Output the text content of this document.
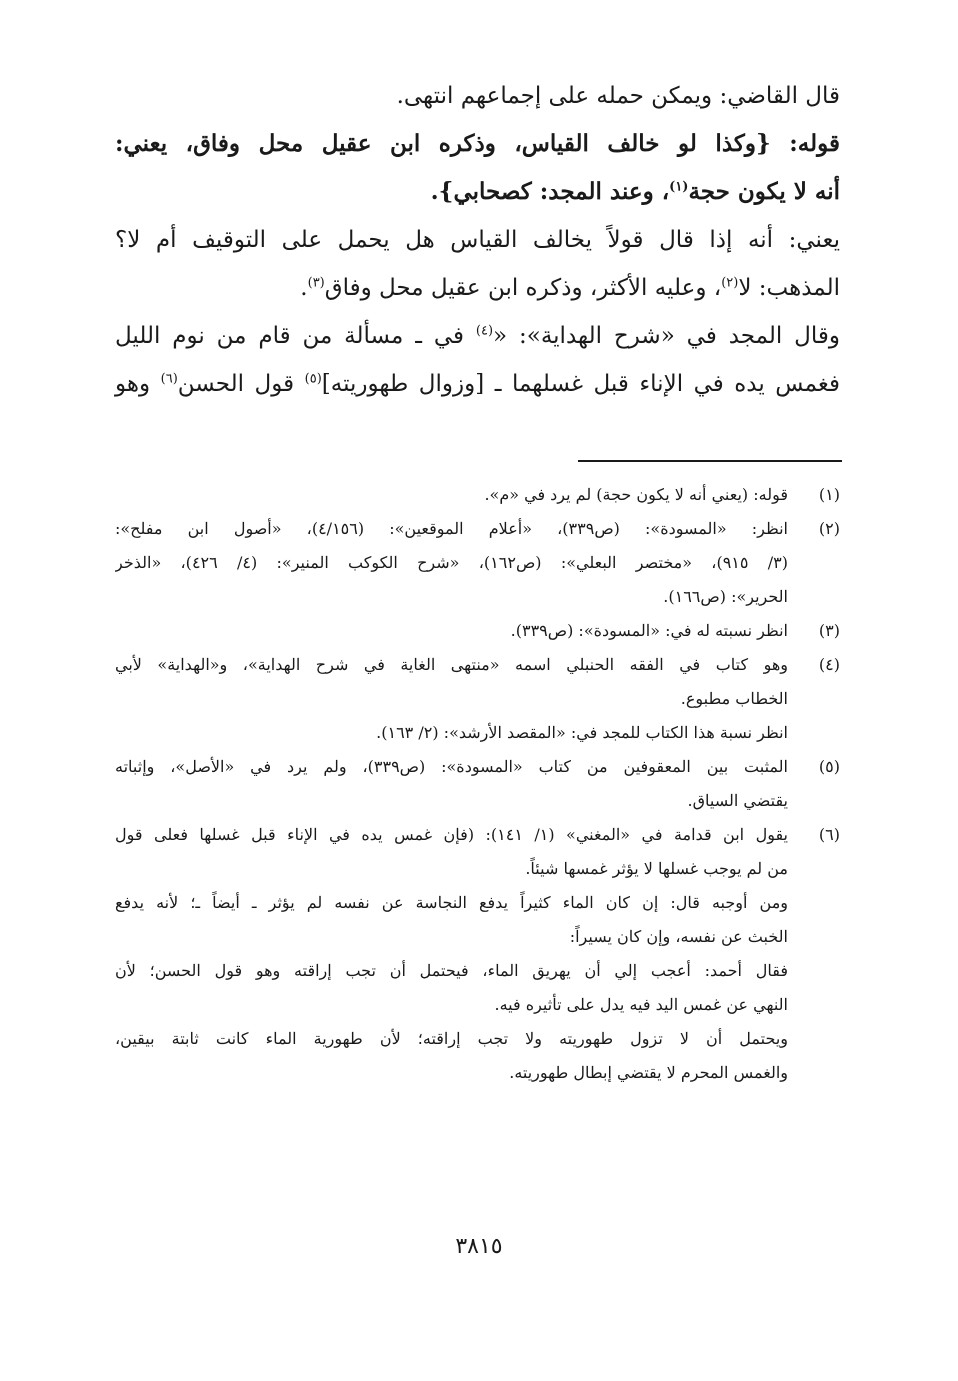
قال القاضي: ويمكن حمله على إجماعهم انتهى.
قوله: {وكذا لو خالف القياس، وذكره ابن عقيل محل وفاق، يعني:
أنه لا يكون حجة$^{(١)}$، وعند المجد: كصحابي}.
يعني: أنه إذا قال قولاً يخالف القياس هل يحمل على التوقيف أم لا؟
المذهب: لا$^{(٢)}$، وعليه الأكثر، وذكره ابن عقيل محل وفاق$^{(٣)}$.
وقال المجد في «شرح الهداية»: «$^{(٤)}$ في ـ مسألة من قام من نوم الليل
فغمس يده في الإناء قبل غسلهما ـ [وزوال طهوريته]$^{(٥)}$ قول الحسن$^{(٦)}$ وهو
(١)
قوله: (يعني أنه لا يكون حجة) لم يرد في «م».
(٢)
انظر: «المسودة»: (ص٣٣٩)، «أعلام الموقعين»: (٤/١٥٦)، «أصول ابن مفلح»:
(٣/ ٩١٥)، «مختصر البعلي»: (ص١٦٢)، «شرح الكوكب المنير»: (٤/ ٤٢٦)، «الذخر
الحرير»: (ص١٦٦).
(٣)
انظر نسبته له في: «المسودة»: (ص٣٣٩).
(٤)
وهو كتاب في الفقه الحنبلي اسمه «منتهى الغاية في شرح الهداية»، و«الهداية» لأبي
الخطاب مطبوع.
انظر نسبة هذا الكتاب للمجد في: «المقصد الأرشد»: (٢/ ١٦٣).
(٥)
المثبت بين المعقوفين من كتاب «المسودة»: (ص٣٣٩)، ولم يرد في «الأصل»، وإثباته
يقتضي السياق.
(٦)
يقول ابن قدامة في «المغني» (١/ ١٤١): (فإن غمس يده في الإناء قبل غسلها فعلى قول
من لم يوجب غسلها لا يؤثر غمسها شيئاً.
ومن أوجبه قال: إن كان الماء كثيراً يدفع النجاسة عن نفسه لم يؤثر ـ أيضاً ـ؛ لأنه يدفع
الخبث عن نفسه، وإن كان يسيراً:
فقال أحمد: أعجب إلي أن يهريق الماء، فيحتمل أن تجب إراقته وهو قول الحسن؛ لأن
النهي عن غمس اليد فيه يدل على تأثيره فيه.
ويحتمل أن لا تزول طهوريته ولا تجب إراقته؛ لأن طهورية الماء كانت ثابتة بيقين،
والغمس المحرم لا يقتضي إبطال طهوريته.
٣٨١٥
